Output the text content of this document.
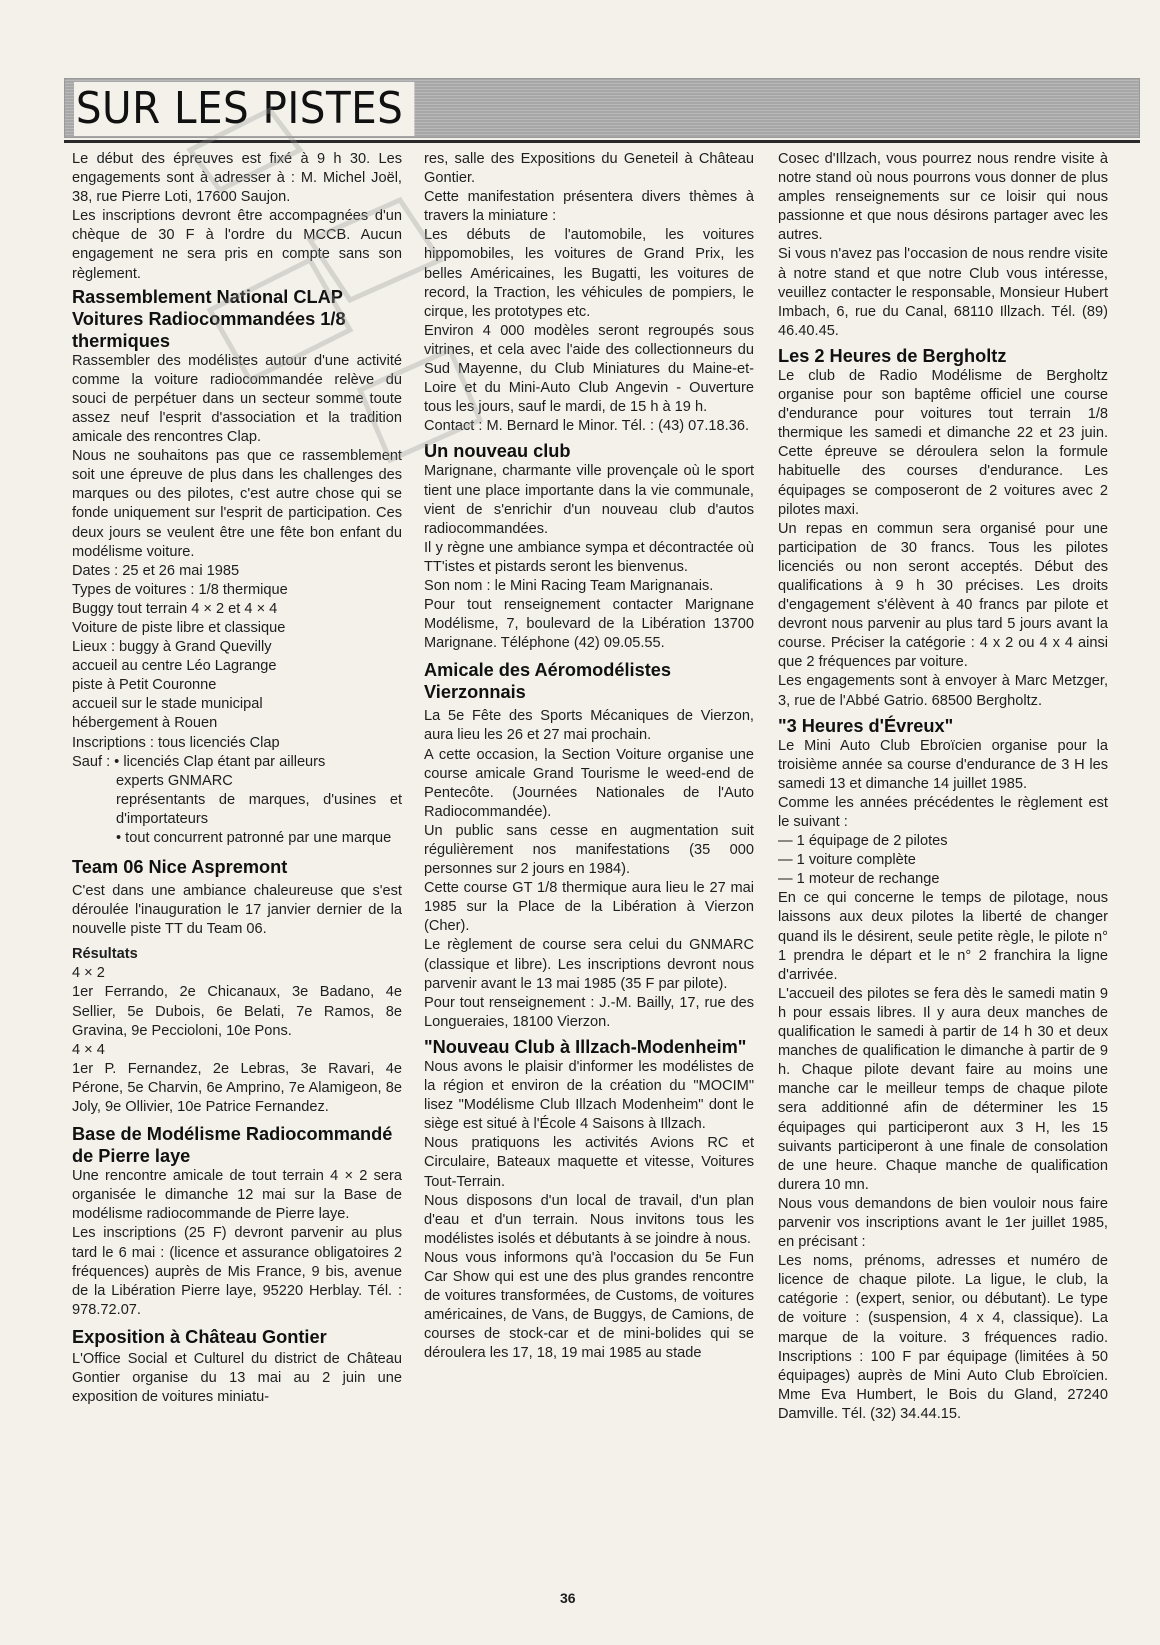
SUR LES PISTES

Le début des épreuves est fixé à 9 h 30. Les engagements sont à adresser à : M. Michel Joël, 38, rue Pierre Loti, 17600 Saujon.

Les inscriptions devront être accompagnées d'un chèque de 30 F à l'ordre du MCCB. Aucun engagement ne sera pris en compte sans son règlement.

Rassemblement National CLAP Voitures Radiocommandées 1/8 thermiques

Rassembler des modélistes autour d'une activité comme la voiture radiocommandée relève du souci de perpétuer dans un secteur somme toute assez neuf l'esprit d'association et la tradition amicale des rencontres Clap.

Nous ne souhaitons pas que ce rassemblement soit une épreuve de plus dans les challenges des marques ou des pilotes, c'est autre chose qui se fonde uniquement sur l'esprit de participation. Ces deux jours se veulent être une fête bon enfant du modélisme voiture.

Dates : 25 et 26 mai 1985
Types de voitures : 1/8 thermique
Buggy tout terrain 4 × 2 et 4 × 4
Voiture de piste libre et classique
Lieux : buggy à Grand Quevilly
accueil au centre Léo Lagrange
piste à Petit Couronne
accueil sur le stade municipal
hébergement à Rouen
Inscriptions : tous licenciés Clap
Sauf : • licenciés Clap étant par ailleurs

experts GNMARC

représentants de marques, d'usines et d'importateurs

• tout concurrent patronné par une marque

Team 06 Nice Aspremont

C'est dans une ambiance chaleureuse que s'est déroulée l'inauguration le 17 janvier dernier de la nouvelle piste TT du Team 06.

Résultats
4 × 2

1er Ferrando, 2e Chicanaux, 3e Badano, 4e Sellier, 5e Dubois, 6e Belati, 7e Ramos, 8e Gravina, 9e Peccioloni, 10e Pons.

4 × 4

1er P. Fernandez, 2e Lebras, 3e Ravari, 4e Pérone, 5e Charvin, 6e Amprino, 7e Alamigeon, 8e Joly, 9e Ollivier, 10e Patrice Fernandez.

Base de Modélisme Radiocommandé de Pierre laye

Une rencontre amicale de tout terrain 4 × 2 sera organisée le dimanche 12 mai sur la Base de modélisme radiocommande de Pierre laye.

Les inscriptions (25 F) devront parvenir au plus tard le 6 mai : (licence et assurance obligatoires 2 fréquences) auprès de Mis France, 9 bis, avenue de la Libération Pierre laye, 95220 Herblay. Tél. : 978.72.07.

Exposition à Château Gontier

L'Office Social et Culturel du district de Château Gontier organise du 13 mai au 2 juin une exposition de voitures miniatu-

res, salle des Expositions du Geneteil à Château Gontier.

Cette manifestation présentera divers thèmes à travers la miniature :

Les débuts de l'automobile, les voitures hippomobiles, les voitures de Grand Prix, les belles Américaines, les Bugatti, les voitures de record, la Traction, les véhicules de pompiers, le cirque, les prototypes etc.

Environ 4 000 modèles seront regroupés sous vitrines, et cela avec l'aide des collectionneurs du Sud Mayenne, du Club Miniatures du Maine-et-Loire et du Mini-Auto Club Angevin - Ouverture tous les jours, sauf le mardi, de 15 h à 19 h.

Contact : M. Bernard le Minor. Tél. : (43) 07.18.36.

Un nouveau club

Marignane, charmante ville provençale où le sport tient une place importante dans la vie communale, vient de s'enrichir d'un nouveau club d'autos radiocommandées.

Il y règne une ambiance sympa et décontractée où TT'istes et pistards seront les bienvenus.

Son nom : le Mini Racing Team Marignanais.

Pour tout renseignement contacter Marignane Modélisme, 7, boulevard de la Libération 13700 Marignane. Téléphone (42) 09.05.55.

Amicale des Aéromodélistes Vierzonnais

La 5e Fête des Sports Mécaniques de Vierzon, aura lieu les 26 et 27 mai prochain.

A cette occasion, la Section Voiture organise une course amicale Grand Tourisme le weed-end de Pentecôte. (Journées Nationales de l'Auto Radiocommandée).

Un public sans cesse en augmentation suit régulièrement nos manifestations (35 000 personnes sur 2 jours en 1984).

Cette course GT 1/8 thermique aura lieu le 27 mai 1985 sur la Place de la Libération à Vierzon (Cher).

Le règlement de course sera celui du GNMARC (classique et libre). Les inscriptions devront nous parvenir avant le 13 mai 1985 (35 F par pilote).

Pour tout renseignement : J.-M. Bailly, 17, rue des Longueraies, 18100 Vierzon.

"Nouveau Club à Illzach-Modenheim"

Nous avons le plaisir d'informer les modélistes de la région et environ de la création du "MOCIM" lisez "Modélisme Club Illzach Modenheim" dont le siège est situé à l'École 4 Saisons à Illzach.

Nous pratiquons les activités Avions RC et Circulaire, Bateaux maquette et vitesse, Voitures Tout-Terrain.

Nous disposons d'un local de travail, d'un plan d'eau et d'un terrain. Nous invitons tous les modélistes isolés et débutants à se joindre à nous.

Nous vous informons qu'à l'occasion du 5e Fun Car Show qui est une des plus grandes rencontre de voitures transformées, de Customs, de voitures américaines, de Vans, de Buggys, de Camions, de courses de stock-car et de mini-bolides qui se déroulera les 17, 18, 19 mai 1985 au stade

Cosec d'Illzach, vous pourrez nous rendre visite à notre stand où nous pourrons vous donner de plus amples renseignements sur ce loisir qui nous passionne et que nous désirons partager avec les autres.

Si vous n'avez pas l'occasion de nous rendre visite à notre stand et que notre Club vous intéresse, veuillez contacter le responsable, Monsieur Hubert Imbach, 6, rue du Canal, 68110 Illzach. Tél. (89) 46.40.45.

Les 2 Heures de Bergholtz

Le club de Radio Modélisme de Bergholtz organise pour son baptême officiel une course d'endurance pour voitures tout terrain 1/8 thermique les samedi et dimanche 22 et 23 juin. Cette épreuve se déroulera selon la formule habituelle des courses d'endurance. Les équipages se composeront de 2 voitures avec 2 pilotes maxi.

Un repas en commun sera organisé pour une participation de 30 francs. Tous les pilotes licenciés ou non seront acceptés. Début des qualifications à 9 h 30 précises. Les droits d'engagement s'élèvent à 40 francs par pilote et devront nous parvenir au plus tard 5 jours avant la course. Préciser la catégorie : 4 x 2 ou 4 x 4 ainsi que 2 fréquences par voiture.

Les engagements sont à envoyer à Marc Metzger, 3, rue de l'Abbé Gatrio. 68500 Bergholtz.

"3 Heures d'Évreux"

Le Mini Auto Club Ebroïcien organise pour la troisième année sa course d'endurance de 3 H les samedi 13 et dimanche 14 juillet 1985.

Comme les années précédentes le règlement est le suivant :

— 1 équipage de 2 pilotes
— 1 voiture complète
— 1 moteur de rechange

En ce qui concerne le temps de pilotage, nous laissons aux deux pilotes la liberté de changer quand ils le désirent, seule petite règle, le pilote n° 1 prendra le départ et le n° 2 franchira la ligne d'arrivée.

L'accueil des pilotes se fera dès le samedi matin 9 h pour essais libres. Il y aura deux manches de qualification le samedi à partir de 14 h 30 et deux manches de qualification le dimanche à partir de 9 h. Chaque pilote devant faire au moins une manche car le meilleur temps de chaque pilote sera additionné afin de déterminer les 15 équipages qui participeront aux 3 H, les 15 suivants participeront à une finale de consolation de une heure. Chaque manche de qualification durera 10 mn.

Nous vous demandons de bien vouloir nous faire parvenir vos inscriptions avant le 1er juillet 1985, en précisant :

Les noms, prénoms, adresses et numéro de licence de chaque pilote. La ligue, le club, la catégorie : (expert, senior, ou débutant). Le type de voiture : (suspension, 4 x 4, classique). La marque de la voiture. 3 fréquences radio. Inscriptions : 100 F par équipage (limitées à 50 équipages) auprès de Mini Auto Club Ebroïcien. Mme Eva Humbert, le Bois du Gland, 27240 Damville. Tél. (32) 34.44.15.

36
